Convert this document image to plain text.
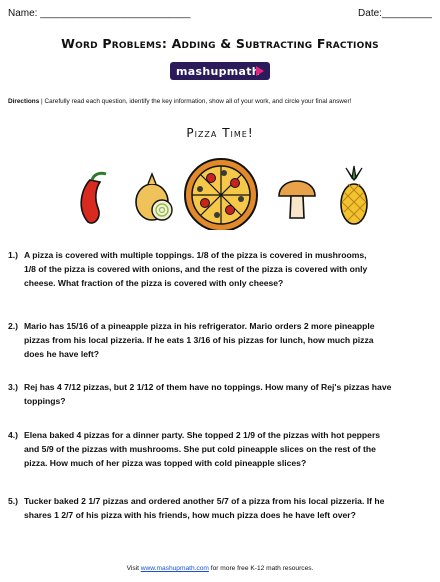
Name: ___________________________	Date:_________
Word Problems: Adding & Subtracting Fractions
mashupmath
Directions | Carefully read each question, identify the key information, show all of your work, and circle your final answer!
Pizza Time!
1.) A pizza is covered with multiple toppings. 1/8 of the pizza is covered in mushrooms,
1/8 of the pizza is covered with onions, and the rest of the pizza is covered with only
cheese. What fraction of the pizza is covered with only cheese?
2.) Mario has 15/16 of a pineapple pizza in his refrigerator. Mario orders 2 more pineapple
pizzas from his local pizzeria. If he eats 1 3/16 of his pizzas for lunch, how much pizza
does he have left?
3.) Rej has 4 7/12 pizzas, but 2 1/12 of them have no toppings. How many of Rej's pizzas have
toppings?
4.) Elena baked 4 pizzas for a dinner party. She topped 2 1/9 of the pizzas with hot peppers
and 5/9 of the pizzas with mushrooms. She put cold pineapple slices on the rest of the
pizza. How much of her pizza was topped with cold pineapple slices?
5.) Tucker baked 2 1/7 pizzas and ordered another 5/7 of a pizza from his local pizzeria. If he
shares 1 2/7 of his pizza with his friends, how much pizza does he have left over?
Visit www.mashupmath.com for more free K-12 math resources.
